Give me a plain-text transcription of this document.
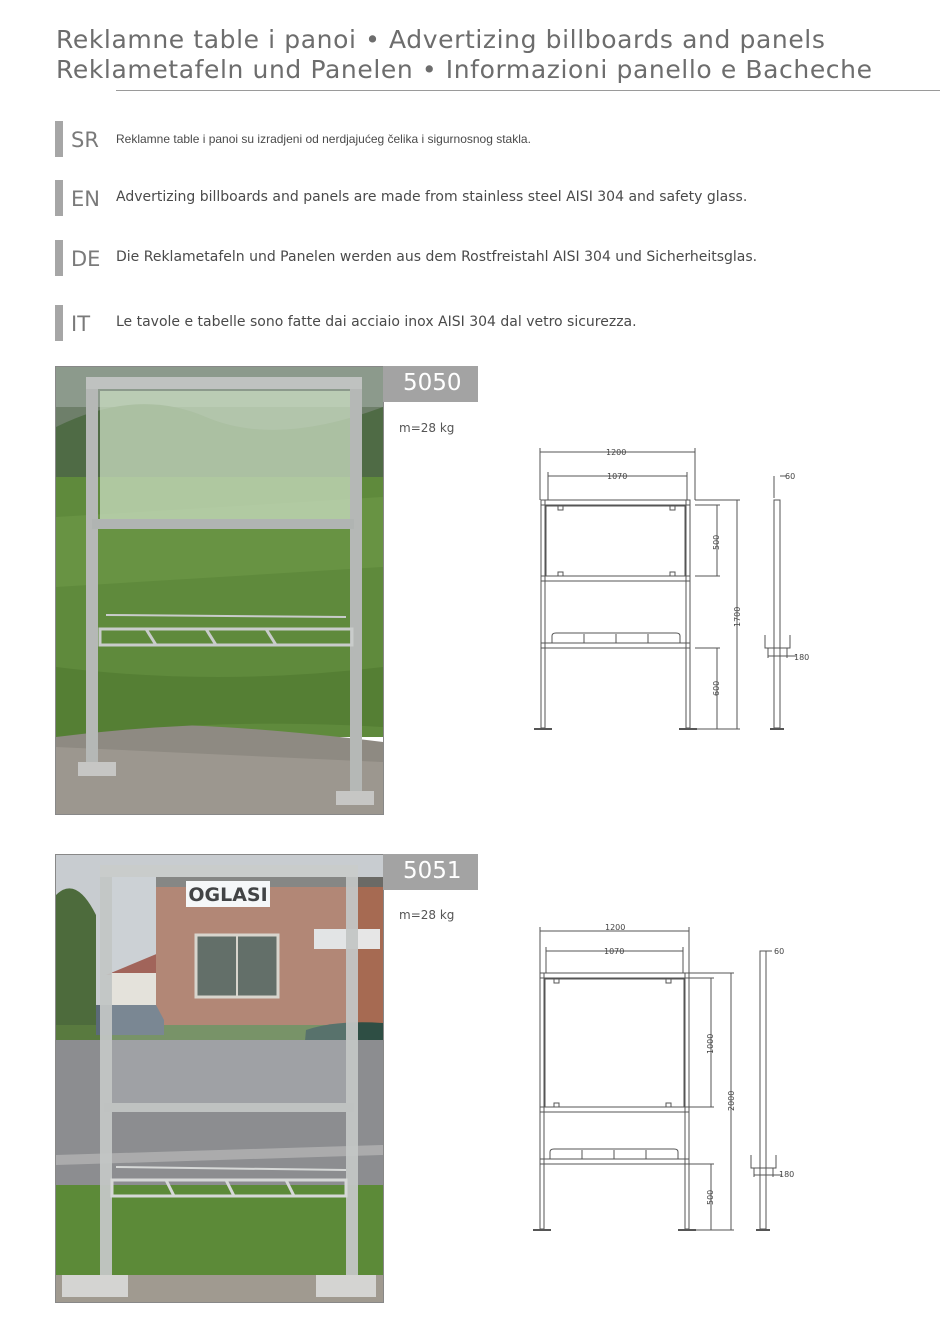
Reklamne table i panoi • Advertizing billboards and panels
Reklametafeln und Panelen • Informazioni panello e Bacheche
SR Reklamne table i panoi su izradjeni od nerdjajućeg čelika i sigurnosnog stakla.
EN Advertizing billboards and panels are made from stainless steel AISI 304 and safety glass.
DE Die Reklametafeln und Panelen werden aus dem Rostfreistahl AISI 304 und Sicherheitsglas.
IT Le tavole e tabelle sono fatte dai acciaio inox AISI 304 dal vetro sicurezza.
5050
m=28 kg
1200
1070
500
1700
600
60
180
OGLASI
5051
m=28 kg
1200
1070
1000
2000
500
60
180
